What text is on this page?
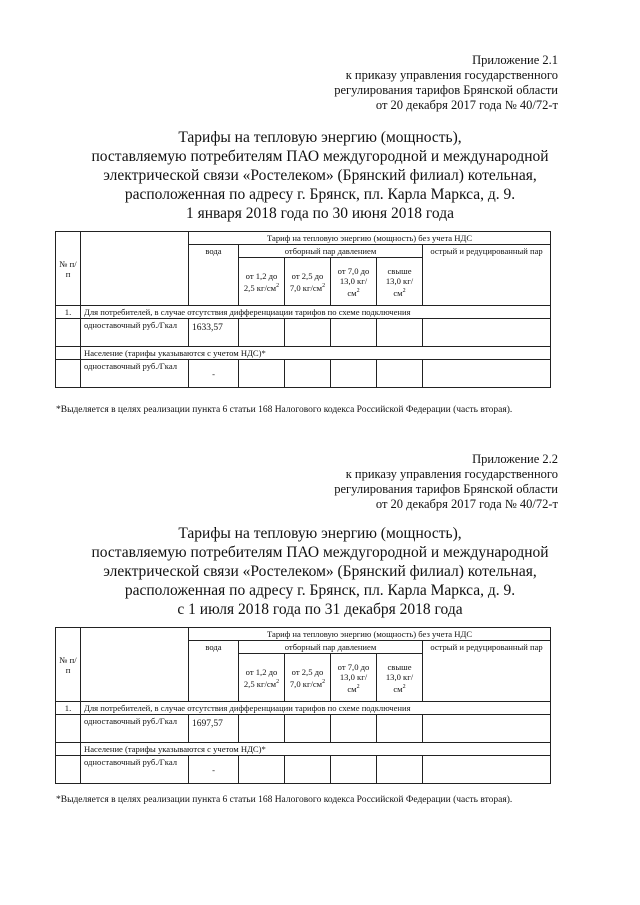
Приложение 2.1
к приказу управления государственного
регулирования тарифов Брянской области
от 20 декабря 2017 года № 40/72-т
Тарифы на тепловую энергию (мощность),
поставляемую потребителям ПАО междугородной и международной
электрической связи «Ростелеком» (Брянский филиал) котельная,
расположенная по адресу г. Брянск, пл. Карла Маркса, д. 9.
1 января 2018 года по 30 июня 2018 года
№ п/п		Тариф на тепловую энергию (мощность) без учета НДС					
		вода	отборный пар давлением				острый и редуцированный пар
			от 1,2 до 2,5 $кг/см^2$	от 2,5 до 7,0 $кг/см^2$	от 7,0 до 13,0 $кг/см^2$	свыше 13,0 $кг/см^2$
1.	Для потребителей, в случае отсутствия дифференциации тарифов по схеме подключения						
	одноставочный руб./Гкал	1633,57					
	Население (тарифы указываются с учетом НДС)*						
	одноставочный руб./Гкал	-					
*Выделяется в целях реализации пункта 6 статьи 168 Налогового кодекса Российской Федерации (часть вторая).
Приложение 2.2
к приказу управления государственного
регулирования тарифов Брянской области
от 20 декабря 2017 года № 40/72-т
Тарифы на тепловую энергию (мощность),
поставляемую потребителям ПАО междугородной и международной
электрической связи «Ростелеком» (Брянский филиал) котельная,
расположенная по адресу г. Брянск, пл. Карла Маркса, д. 9.
с 1 июля 2018 года по 31 декабря 2018 года
№ п/п		Тариф на тепловую энергию (мощность) без учета НДС					
		вода	отборный пар давлением				острый и редуцированный пар
			от 1,2 до 2,5 $кг/см^2$	от 2,5 до 7,0 $кг/см^2$	от 7,0 до 13,0 $кг/см^2$	свыше 13,0 $кг/см^2$
1.	Для потребителей, в случае отсутствия дифференциации тарифов по схеме подключения						
	одноставочный руб./Гкал	1697,57					
	Население (тарифы указываются с учетом НДС)*						
	одноставочный руб./Гкал	-					
*Выделяется в целях реализации пункта 6 статьи 168 Налогового кодекса Российской Федерации (часть вторая).
